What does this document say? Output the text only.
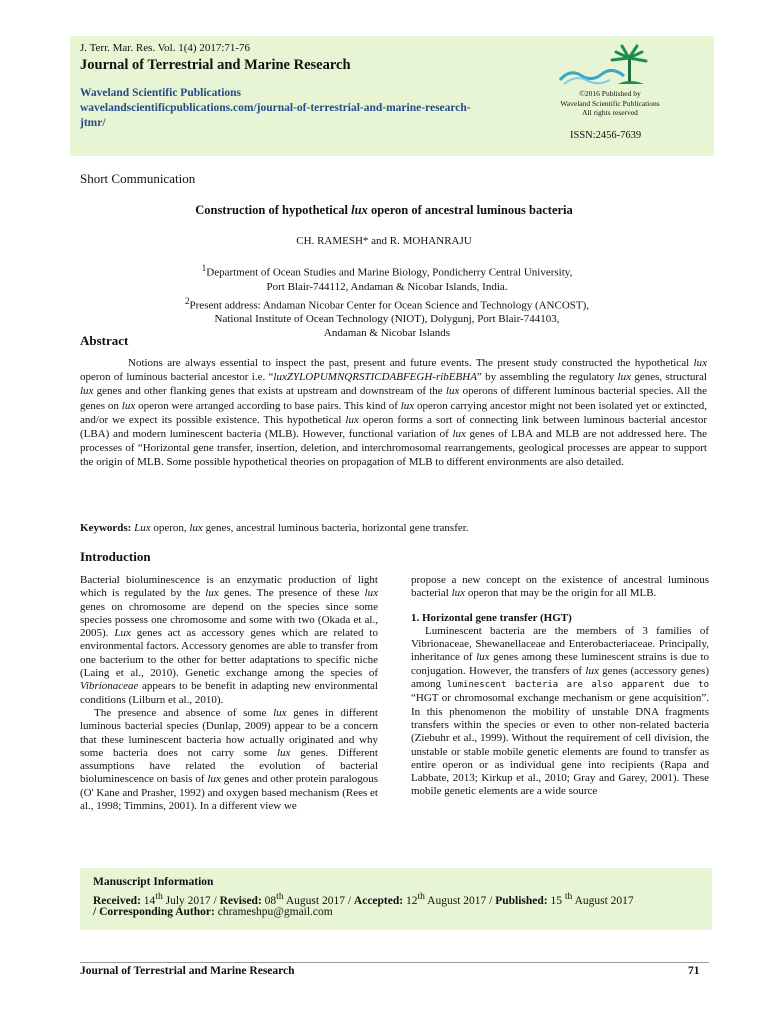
J. Terr. Mar. Res. Vol. 1(4) 2017:71-76
Journal of Terrestrial and Marine Research
Waveland Scientific Publications
wavelandscientificpublications.com/journal-of-terrestrial-and-marine-research-jtmr/
©2016 Published by
Waveland Scientific Publications
All rights reserved
ISSN:2456-7639
Short Communication
Construction of hypothetical lux operon of ancestral luminous bacteria
CH. RAMESH* and R. MOHANRAJU
$^1$Department of Ocean Studies and Marine Biology, Pondicherry Central University,
Port Blair-744112, Andaman & Nicobar Islands, India.
$^2$Present address: Andaman Nicobar Center for Ocean Science and Technology (ANCOST),
National Institute of Ocean Technology (NIOT), Dolygunj, Port Blair-744103,
Andaman & Nicobar Islands
Abstract

Notions are always essential to inspect the past, present and future events. The present study constructed the hypothetical lux operon of luminous bacterial ancestor i.e. “luxZYLOPUMNQRSTICDABFEGH-ribEBHA” by assembling the regulatory lux genes, structural lux genes and other flanking genes that exists at upstream and downstream of the lux operons of different luminous bacterial species. All the genes on lux operon were arranged according to base pairs. This kind of lux operon carrying ancestor might not been isolated yet or extincted, and/or we expect its possible existence. This hypothetical lux operon forms a sort of connecting link between luminous bacterial ancestor (LBA) and modern luminescent bacteria (MLB). However, functional variation of lux genes of LBA and MLB are not addressed here. The processes of “Horizontal gene transfer, insertion, deletion, and interchromosomal rearrangements, geological processes are appear to support the origin of MLB. Some possible hypothetical theories on propagation of MLB to different environments are also detailed.

Keywords: Lux operon, lux genes, ancestral luminous bacteria, horizontal gene transfer.
Introduction

Bacterial bioluminescence is an enzymatic production of light which is regulated by the lux genes. The presence of these lux genes on chromosome are depend on the species since some species possess one chromosome and some with two (Okada et al., 2005). Lux genes act as accessory genes which are related to environmental factors. Accessory genomes are able to transfer from one bacterium to the other for better adaptations to specific niche (Laing et al., 2010). Genetic exchange among the species of Vibrionaceae appears to be benefit in adapting new environmental conditions (Lilburn et al., 2010).

The presence and absence of some lux genes in different luminous bacterial species (Dunlap, 2009) appear to be a concern that these luminescent bacteria how actually originated and why some bacteria does not carry some lux genes. Different assumptions have related the evolution of bacterial bioluminescence on basis of lux genes and other protein paralogous (O' Kane and Prasher, 1992) and oxygen based mechanism (Rees et al., 1998; Timmins, 2001). In a different view we

propose a new concept on the existence of ancestral luminous bacterial lux operon that may be the origin for all MLB.

1. Horizontal gene transfer (HGT)

Luminescent bacteria are the members of 3 families of Vibrionaceae, Shewanellaceae and Enterobacteriaceae. Principally, inheritance of lux genes among these luminescent strains is due to conjugation. However, the transfers of lux genes (accessory genes) among luminescent bacteria are also apparent due to “HGT or chromosomal exchange mechanism or gene acquisition”. In this phenomenon the mobility of unstable DNA fragments transfers within the species or even to other non-related bacteria (Ziebuhr et al., 1999). Without the requirement of cell division, the unstable or stable mobile genetic elements are found to transfer as entire operon or as individual gene into recipients (Rapa and Labbate, 2013; Kirkup et al., 2010; Gray and Garey, 2001). These mobile genetic elements are a wide source

Manuscript Information
Received: 14th July 2017 / Revised: 08th August 2017 / Accepted: 12th August 2017 / Published: 15 $^{th}$ August 2017
/ Corresponding Author: chrameshpu@gmail.com
Journal of Terrestrial and Marine Research	71
